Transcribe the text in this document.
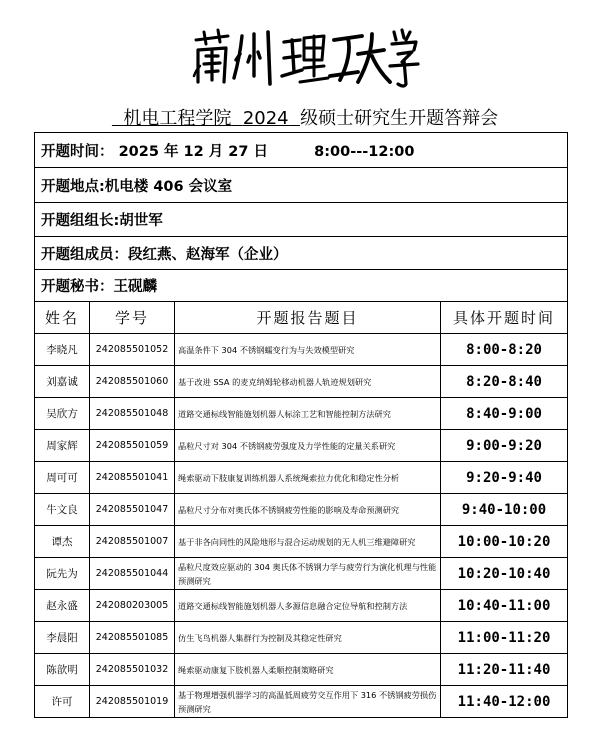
机电工程学院 2024 级硕士研究生开题答辩会
开题时间： 2025 年 12 月 27 日 8:00---12:00			
开题地点:机电楼 406 会议室			
开题组组长:胡世军			
开题组成员：段红燕、赵海军（企业）			
开题秘书：王砚麟			
姓名	学号	开题报告题目	具体开题时间
李晓凡	242085501052	高温条件下 304 不锈钢蠕变行为与失效模型研究	8:00-8:20
刘嘉诚	242085501060	基于改进 SSA 的麦克纳姆轮移动机器人轨迹规划研究	8:20-8:40
吴欣方	242085501048	道路交通标线智能施划机器人标涂工艺和智能控制方法研究	8:40-9:00
周家辉	242085501059	晶粒尺寸对 304 不锈钢疲劳强度及力学性能的定量关系研究	9:00-9:20
周可可	242085501041	绳索驱动下肢康复训练机器人系统绳索拉力优化和稳定性分析	9:20-9:40
牛文良	242085501047	晶粒尺寸分布对奥氏体不锈钢疲劳性能的影响及寿命预测研究	9:40-10:00
谭杰	242085501007	基于非各向同性的风险地形与混合运动规划的无人机三维避障研究	10:00-10:20
阮先为	242085501044	晶粒尺度效应驱动的 304 奥氏体不锈钢力学与疲劳行为演化机理与性能预测研究	10:20-10:40
赵永盛	242080203005	道路交通标线智能施划机器人多源信息融合定位导航和控制方法	10:40-11:00
李晨阳	242085501085	仿生飞鸟机器人集群行为控制及其稳定性研究	11:00-11:20
陈歆明	242085501032	绳索驱动康复下肢机器人柔顺控制策略研究	11:20-11:40
许可	242085501019	基于物理增强机器学习的高温低周疲劳交互作用下 316 不锈钢疲劳损伤预测研究	11:40-12:00
